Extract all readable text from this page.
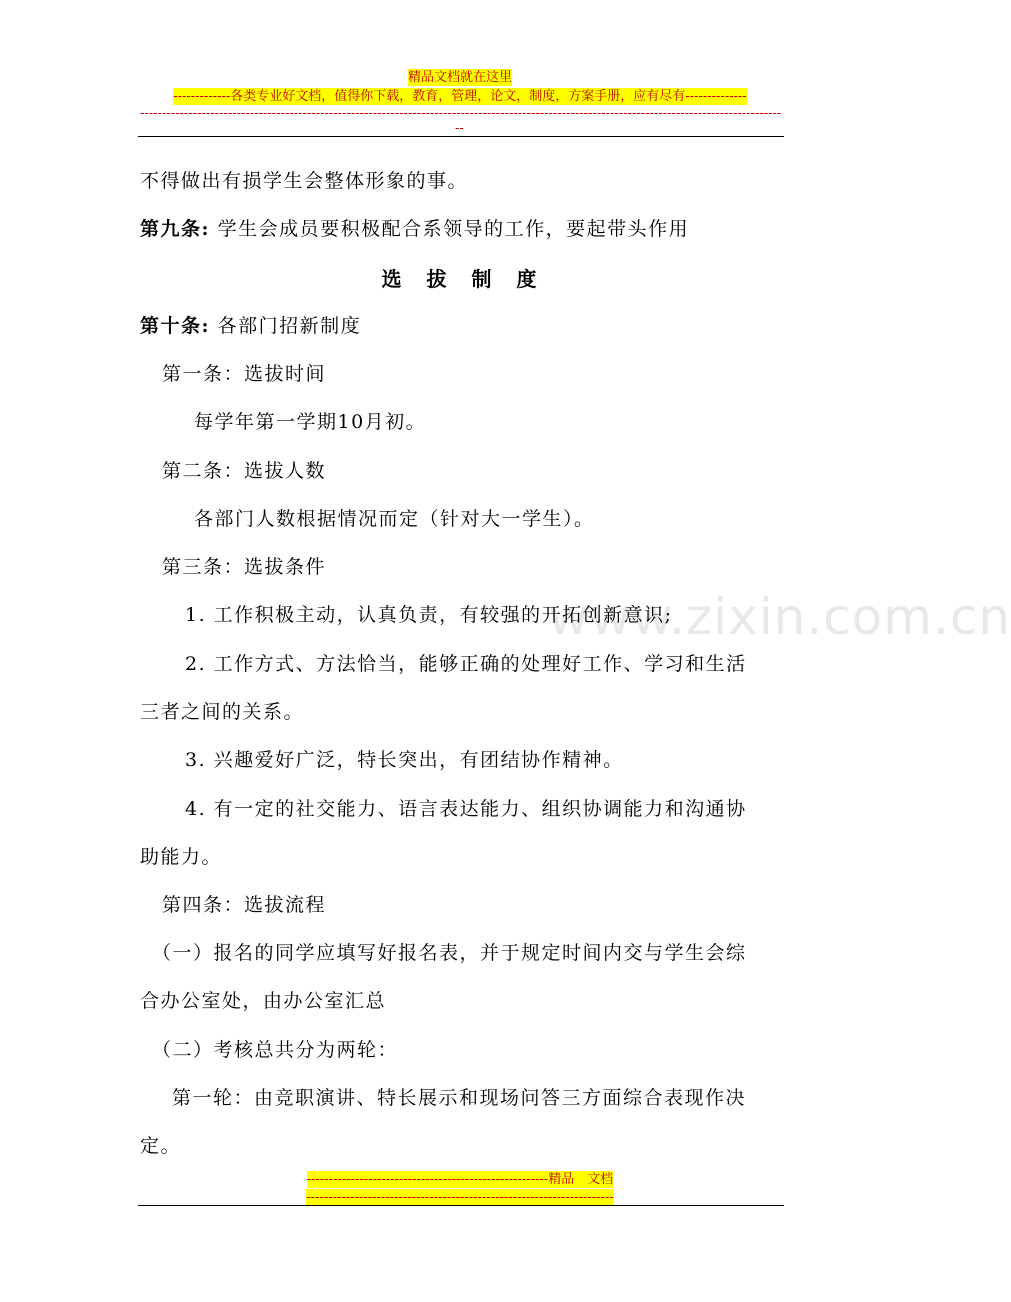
精品文档就在这里
-------------各类专业好文档，值得你下载，教育，管理，论文，制度，方案手册，应有尽有--------------
--------------------------------------------------------------------------------------------------------------------------------------------------
--
www.zixin.com.cn
不得做出有损学生会整体形象的事。
第九条: 学生会成员要积极配合系领导的工作，要起带头作用
选 拔 制 度
第十条: 各部门招新制度
第一条：选拔时间
每学年第一学期10月初。
第二条：选拔人数
各部门人数根据情况而定（针对大一学生）。
第三条：选拔条件
1. 工作积极主动，认真负责，有较强的开拓创新意识;
2. 工作方式、方法恰当，能够正确的处理好工作、学习和生活
三者之间的关系。
3. 兴趣爱好广泛，特长突出，有团结协作精神。
4. 有一定的社交能力、语言表达能力、组织协调能力和沟通协
助能力。
第四条：选拔流程
（一）报名的同学应填写好报名表，并于规定时间内交与学生会综
合办公室处，由办公室汇总
（二）考核总共分为两轮：
第一轮：由竞职演讲、特长展示和现场问答三方面综合表现作决
定。
-------------------------------------------------------精品　文档
----------------------------------------------------------------------
